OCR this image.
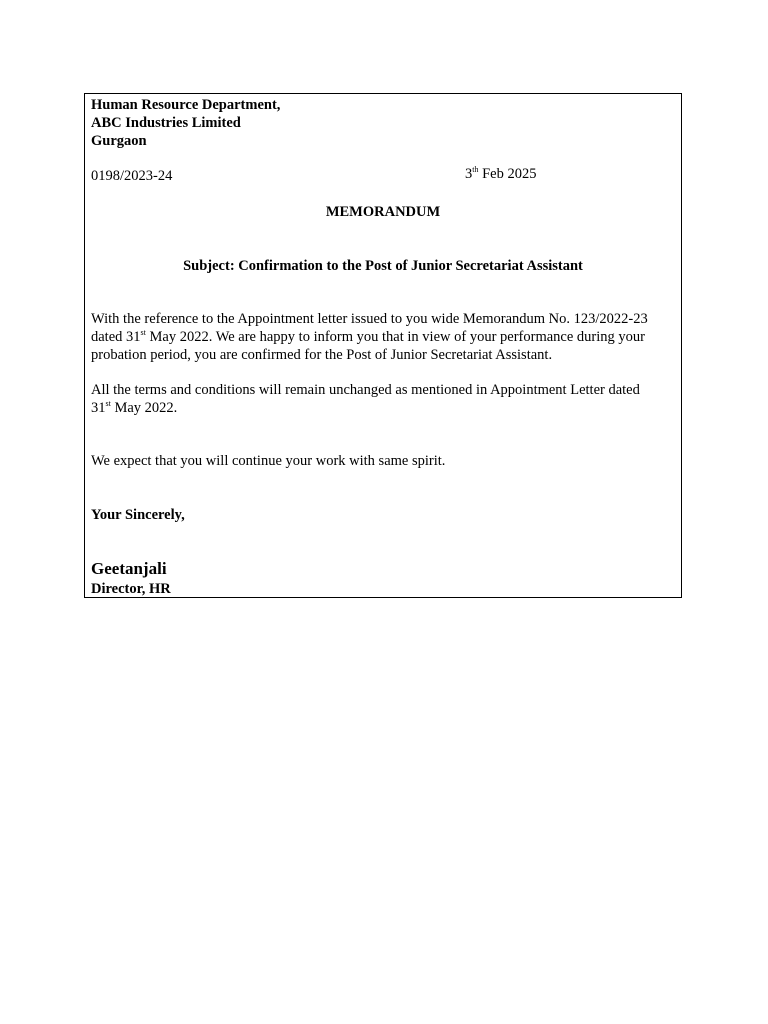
Human Resource Department,
ABC Industries Limited
Gurgaon
0198/2023-24	3th Feb 2025
MEMORANDUM
Subject: Confirmation to the Post of Junior Secretariat Assistant
With the reference to the Appointment letter issued to you wide Memorandum No. 123/2022-23
dated 31st May 2022. We are happy to inform you that in view of your performance during your
probation period, you are confirmed for the Post of Junior Secretariat Assistant.
All the terms and conditions will remain unchanged as mentioned in Appointment Letter dated
31st May 2022.
We expect that you will continue your work with same spirit.
Your Sincerely,
Geetanjali
Director, HR
